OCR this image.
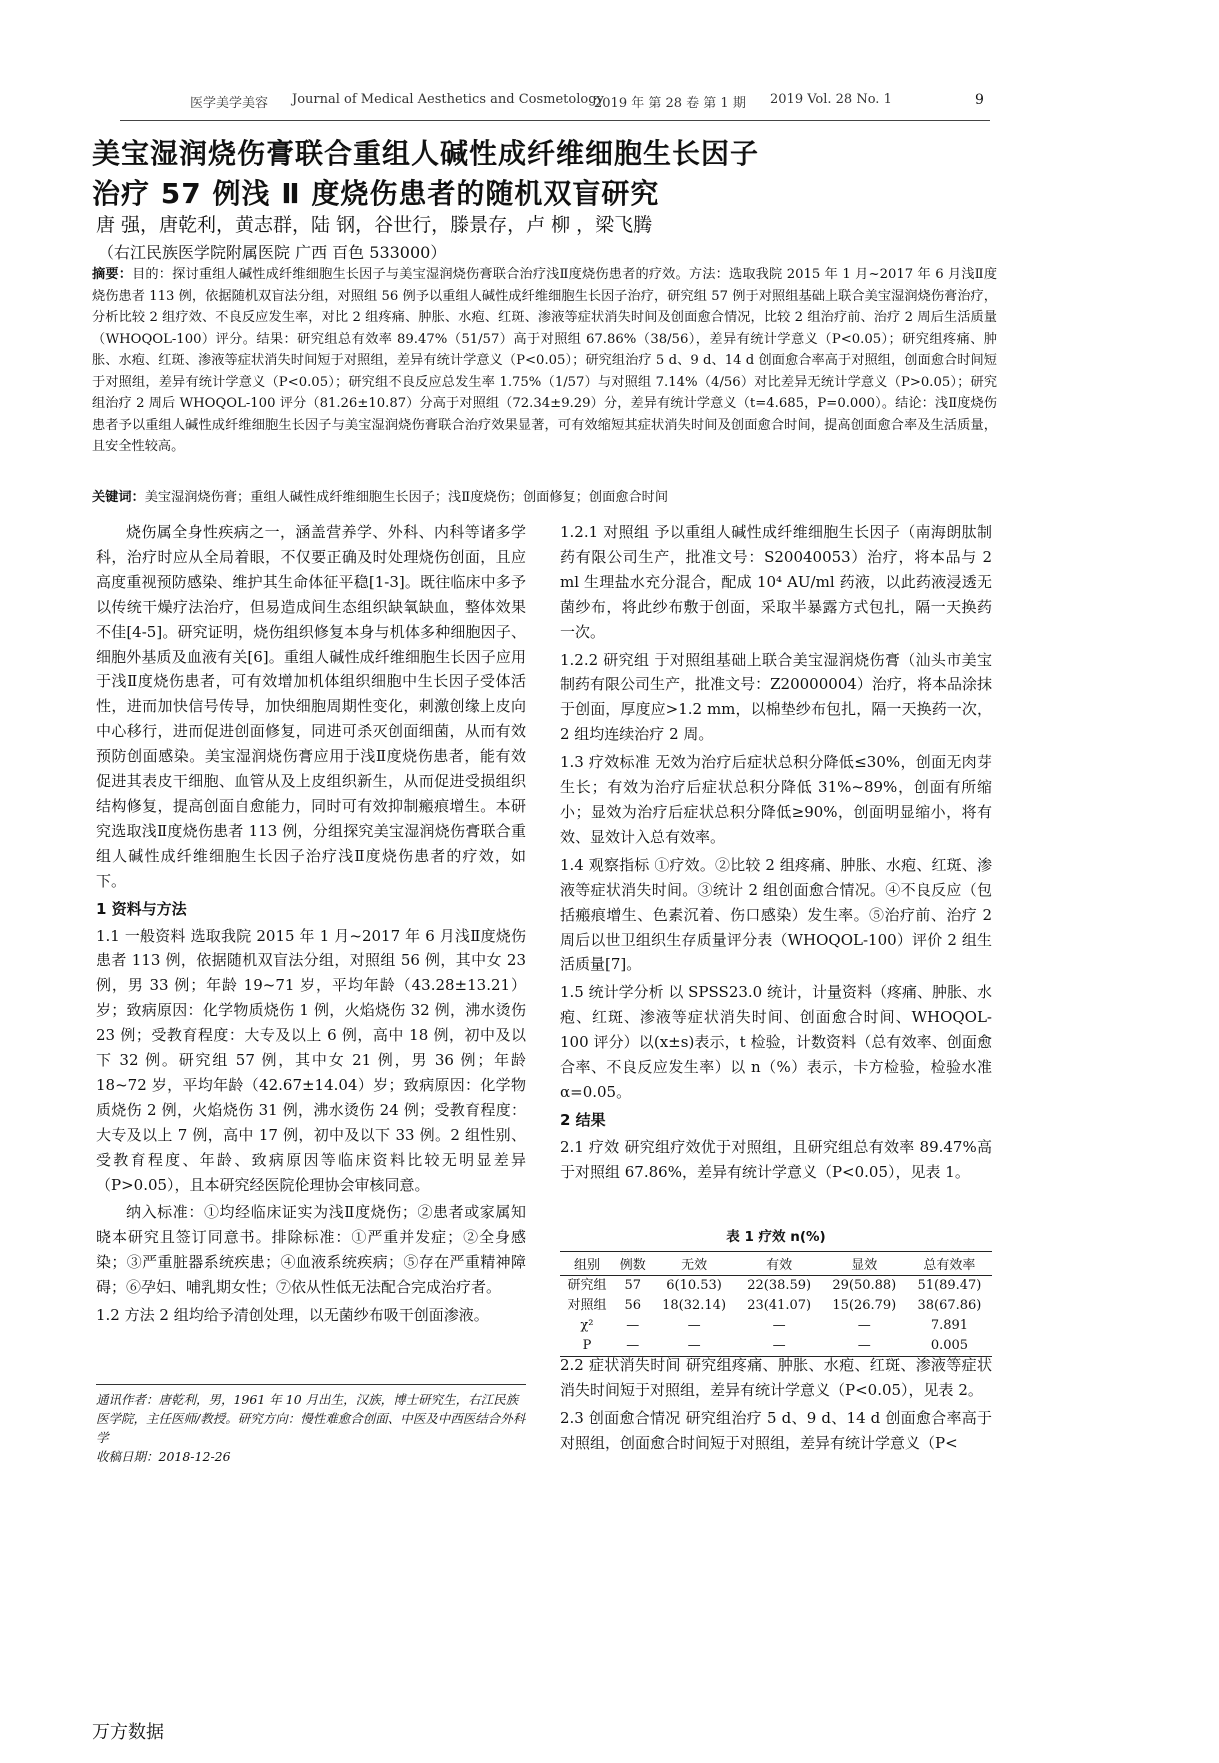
医学美学美容 Journal of Medical Aesthetics and Cosmetology
2019 年 第 28 卷 第 1 期 2019 Vol. 28 No. 1	9
美宝湿润烧伤膏联合重组人碱性成纤维细胞生长因子
治疗 57 例浅 Ⅱ 度烧伤患者的随机双盲研究
唐 强，唐乾利，黄志群，陆 钢，谷世行，滕景存，卢 柳 ，梁飞腾
（右江民族医学院附属医院 广西 百色 533000）
摘要：目的：探讨重组人碱性成纤维细胞生长因子与美宝湿润烧伤膏联合治疗浅Ⅱ度烧伤患者的疗效。方法：选取我院 2015 年 1 月~2017 年 6 月浅Ⅱ度烧伤患者 113 例，依据随机双盲法分组，对照组 56 例予以重组人碱性成纤维细胞生长因子治疗，研究组 57 例于对照组基础上联合美宝湿润烧伤膏治疗，分析比较 2 组疗效、不良反应发生率，对比 2 组疼痛、肿胀、水疱、红斑、渗液等症状消失时间及创面愈合情况，比较 2 组治疗前、治疗 2 周后生活质量（WHOQOL-100）评分。结果：研究组总有效率 89.47%（51/57）高于对照组 67.86%（38/56），差异有统计学意义（P<0.05）；研究组疼痛、肿胀、水疱、红斑、渗液等症状消失时间短于对照组，差异有统计学意义（P<0.05）；研究组治疗 5 d、9 d、14 d 创面愈合率高于对照组，创面愈合时间短于对照组，差异有统计学意义（P<0.05）；研究组不良反应总发生率 1.75%（1/57）与对照组 7.14%（4/56）对比差异无统计学意义（P>0.05）；研究组治疗 2 周后 WHOQOL-100 评分（81.26±10.87）分高于对照组（72.34±9.29）分，差异有统计学意义（t=4.685，P=0.000）。结论：浅Ⅱ度烧伤患者予以重组人碱性成纤维细胞生长因子与美宝湿润烧伤膏联合治疗效果显著，可有效缩短其症状消失时间及创面愈合时间，提高创面愈合率及生活质量，且安全性较高。
关键词：美宝湿润烧伤膏；重组人碱性成纤维细胞生长因子；浅Ⅱ度烧伤；创面修复；创面愈合时间

烧伤属全身性疾病之一，涵盖营养学、外科、内科等诸多学科，治疗时应从全局着眼，不仅要正确及时处理烧伤创面，且应高度重视预防感染、维护其生命体征平稳[1-3]。既往临床中多予以传统干燥疗法治疗，但易造成间生态组织缺氧缺血，整体效果不佳[4-5]。研究证明，烧伤组织修复本身与机体多种细胞因子、细胞外基质及血液有关[6]。重组人碱性成纤维细胞生长因子应用于浅Ⅱ度烧伤患者，可有效增加机体组织细胞中生长因子受体活性，进而加快信号传导，加快细胞周期性变化，刺激创缘上皮向中心移行，进而促进创面修复，同进可杀灭创面细菌，从而有效预防创面感染。美宝湿润烧伤膏应用于浅Ⅱ度烧伤患者，能有效促进其表皮干细胞、血管从及上皮组织新生，从而促进受损组织结构修复，提高创面自愈能力，同时可有效抑制瘢痕增生。本研究选取浅Ⅱ度烧伤患者 113 例，分组探究美宝湿润烧伤膏联合重组人碱性成纤维细胞生长因子治疗浅Ⅱ度烧伤患者的疗效，如下。

1 资料与方法

1.1 一般资料 选取我院 2015 年 1 月~2017 年 6 月浅Ⅱ度烧伤患者 113 例，依据随机双盲法分组，对照组 56 例，其中女 23 例，男 33 例；年龄 19~71 岁，平均年龄（43.28±13.21）岁；致病原因：化学物质烧伤 1 例，火焰烧伤 32 例，沸水烫伤 23 例；受教育程度：大专及以上 6 例，高中 18 例，初中及以下 32 例。研究组 57 例，其中女 21 例，男 36 例；年龄 18~72 岁，平均年龄（42.67±14.04）岁；致病原因：化学物质烧伤 2 例，火焰烧伤 31 例，沸水烫伤 24 例；受教育程度：大专及以上 7 例，高中 17 例，初中及以下 33 例。2 组性别、受教育程度、年龄、致病原因等临床资料比较无明显差异（P>0.05），且本研究经医院伦理协会审核同意。

纳入标准：①均经临床证实为浅Ⅱ度烧伤；②患者或家属知晓本研究且签订同意书。排除标准：①严重并发症；②全身感染；③严重脏器系统疾患；④血液系统疾病；⑤存在严重精神障碍；⑥孕妇、哺乳期女性；⑦依从性低无法配合完成治疗者。

1.2 方法 2 组均给予清创处理，以无菌纱布吸干创面渗液。

通讯作者：唐乾利，男，1961 年 10 月出生，汉族，博士研究生，右江民族医学院，主任医师/教授。研究方向：慢性难愈合创面、中医及中西医结合外科学
收稿日期：2018-12-26

1.2.1 对照组 予以重组人碱性成纤维细胞生长因子（南海朗肽制药有限公司生产，批准文号：S20040053）治疗，将本品与 2 ml 生理盐水充分混合，配成 10⁴ AU/ml 药液，以此药液浸透无菌纱布，将此纱布敷于创面，采取半暴露方式包扎，隔一天换药一次。

1.2.2 研究组 于对照组基础上联合美宝湿润烧伤膏（汕头市美宝制药有限公司生产，批准文号：Z20000004）治疗，将本品涂抹于创面，厚度应>1.2 mm，以棉垫纱布包扎，隔一天换药一次，2 组均连续治疗 2 周。

1.3 疗效标准 无效为治疗后症状总积分降低≤30%，创面无肉芽生长；有效为治疗后症状总积分降低 31%~89%，创面有所缩小；显效为治疗后症状总积分降低≥90%，创面明显缩小，将有效、显效计入总有效率。

1.4 观察指标 ①疗效。②比较 2 组疼痛、肿胀、水疱、红斑、渗液等症状消失时间。③统计 2 组创面愈合情况。④不良反应（包括瘢痕增生、色素沉着、伤口感染）发生率。⑤治疗前、治疗 2 周后以世卫组织生存质量评分表（WHOQOL-100）评价 2 组生活质量[7]。

1.5 统计学分析 以 SPSS23.0 统计，计量资料（疼痛、肿胀、水疱、红斑、渗液等症状消失时间、创面愈合时间、WHOQOL-100 评分）以(x±s)表示，t 检验，计数资料（总有效率、创面愈合率、不良反应发生率）以 n（%）表示，卡方检验，检验水准 α=0.05。

2 结果

2.1 疗效 研究组疗效优于对照组，且研究组总有效率 89.47%高于对照组 67.86%，差异有统计学意义（P<0.05），见表 1。

表 1 疗效 n(%)
组别	例数	无效	有效	显效	总有效率
研究组	57	6(10.53)	22(38.59)	29(50.88)	51(89.47)
对照组	56	18(32.14)	23(41.07)	15(26.79)	38(67.86)
χ²	—	—	—	—	7.891
P	—	—	—	—	0.005

2.2 症状消失时间 研究组疼痛、肿胀、水疱、红斑、渗液等症状消失时间短于对照组，差异有统计学意义（P<0.05），见表 2。

2.3 创面愈合情况 研究组治疗 5 d、9 d、14 d 创面愈合率高于对照组，创面愈合时间短于对照组，差异有统计学意义（P<

万方数据
